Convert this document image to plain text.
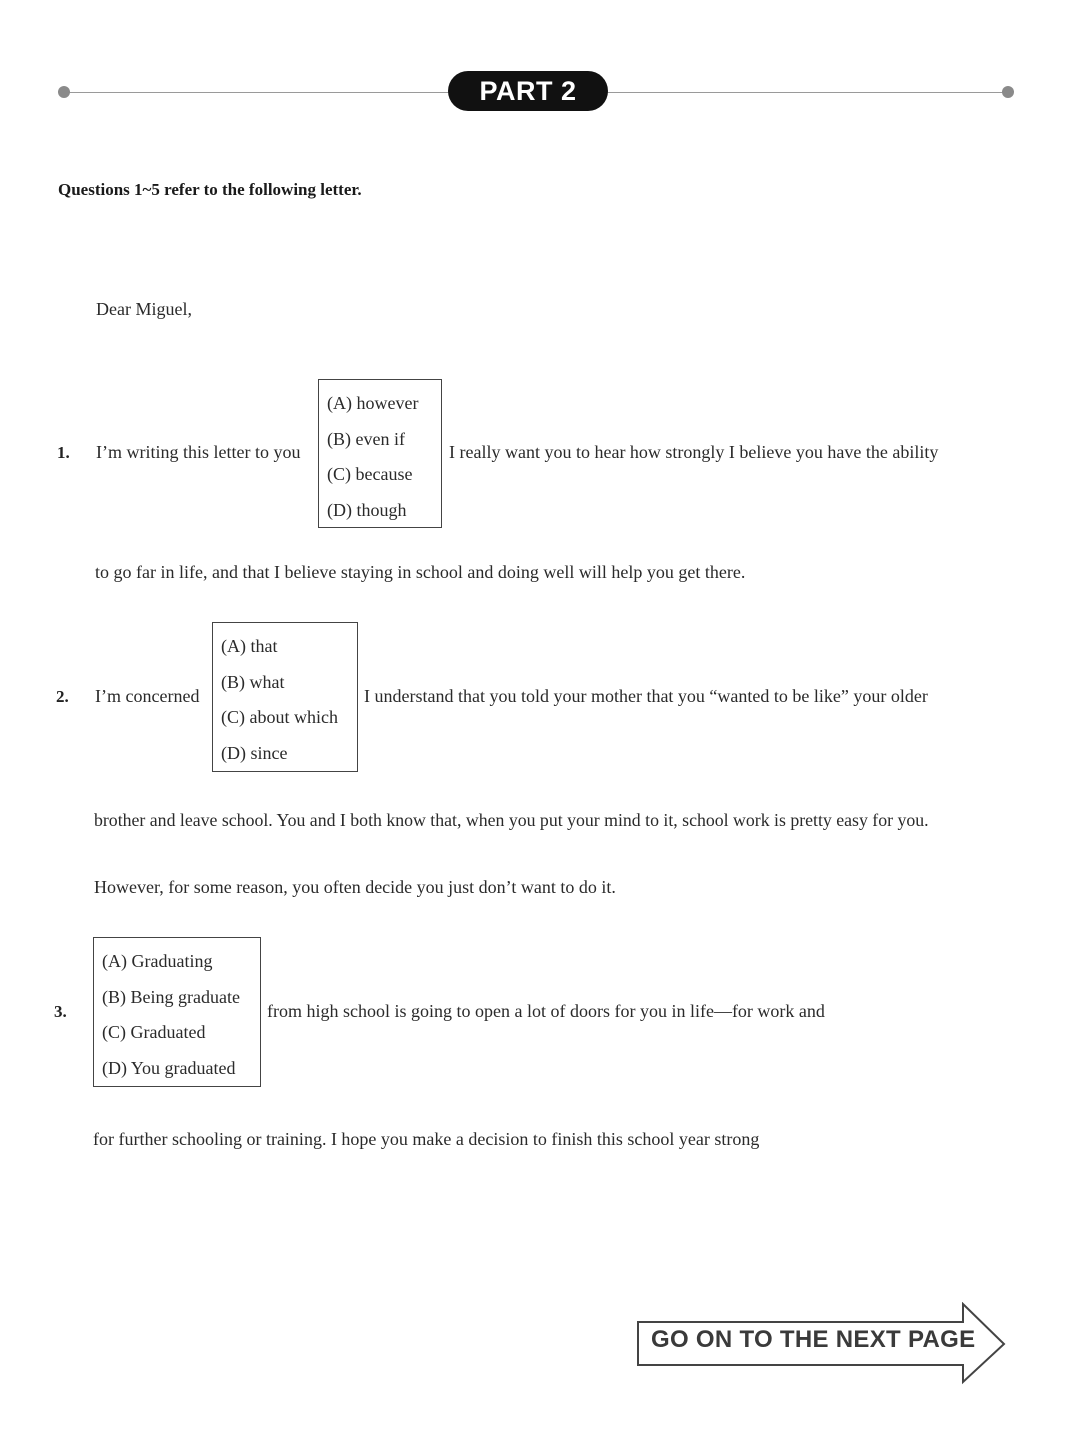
PART 2
Questions 1~5 refer to the following letter.
Dear Miguel,
1. I’m writing this letter to you
(A) however
(B) even if
(C) because
(D) though
I really want you to hear how strongly I believe you have the ability
to go far in life, and that I believe staying in school and doing well will help you get there.
2. I’m concerned
(A) that
(B) what
(C) about which
(D) since
I understand that you told your mother that you “wanted to be like” your older
brother and leave school. You and I both know that, when you put your mind to it, school work is pretty easy for you.
However, for some reason, you often decide you just don’t want to do it.
3.
(A) Graduating
(B) Being graduate
(C) Graduated
(D) You graduated
from high school is going to open a lot of doors for you in life—for work and
for further schooling or training. I hope you make a decision to finish this school year strong
GO ON TO THE NEXT PAGE
